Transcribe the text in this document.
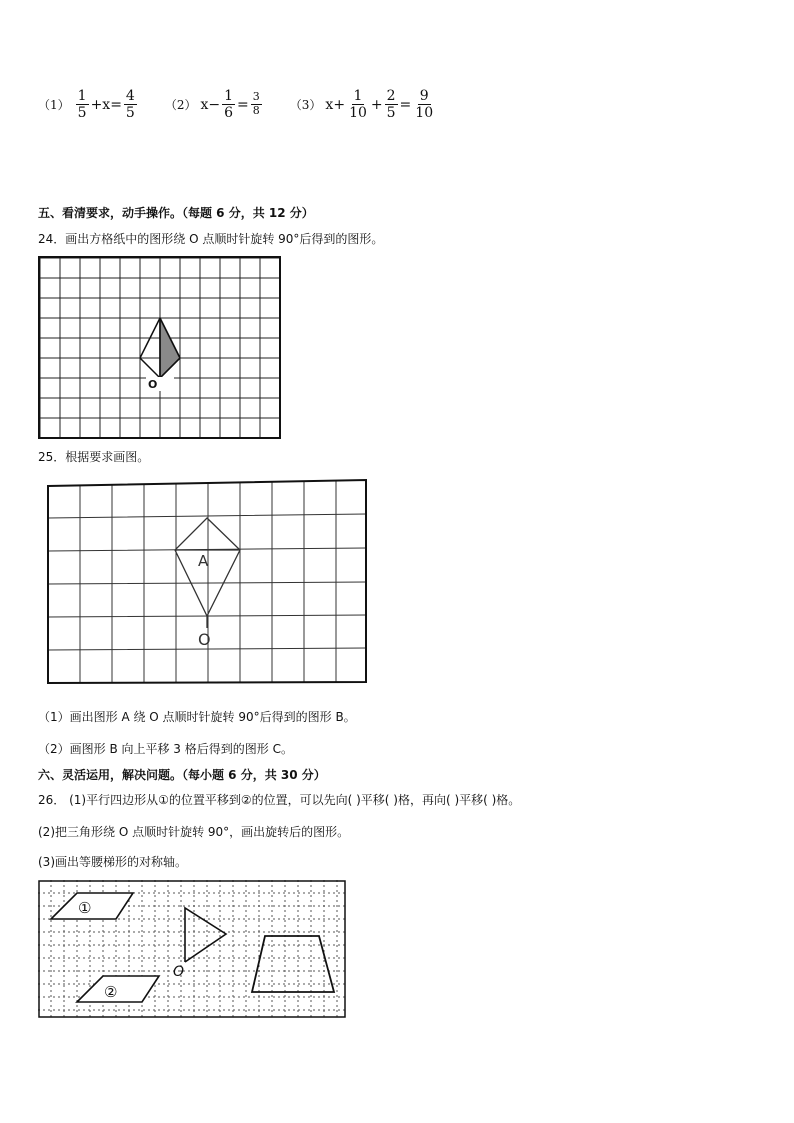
$(1) \frac{1}{5} +x= \frac{4}{5} (2)$ $x- \frac{1}{6} = \frac{3}{8} (3)$ $x+ \frac{1}{10} + \frac{2}{5} = \frac{9}{10}$
五、看清要求，动手操作。（每题 6 分，共 12 分）
24．画出方格纸中的图形绕 O 点顺时针旋转 90°后得到的图形。
O
25．根据要求画图。
A
O
（1）画出图形 A 绕 O 点顺时针旋转 90°后得到的图形 B。
（2）画图形 B 向上平移 3 格后得到的图形 C。
六、灵活运用，解决问题。（每小题 6 分，共 30 分）
26． (1)平行四边形从①的位置平移到②的位置，可以先向( )平移( )格，再向( )平移( )格。
(2)把三角形绕 O 点顺时针旋转 90°，画出旋转后的图形。
(3)画出等腰梯形的对称轴。
①
②
O
